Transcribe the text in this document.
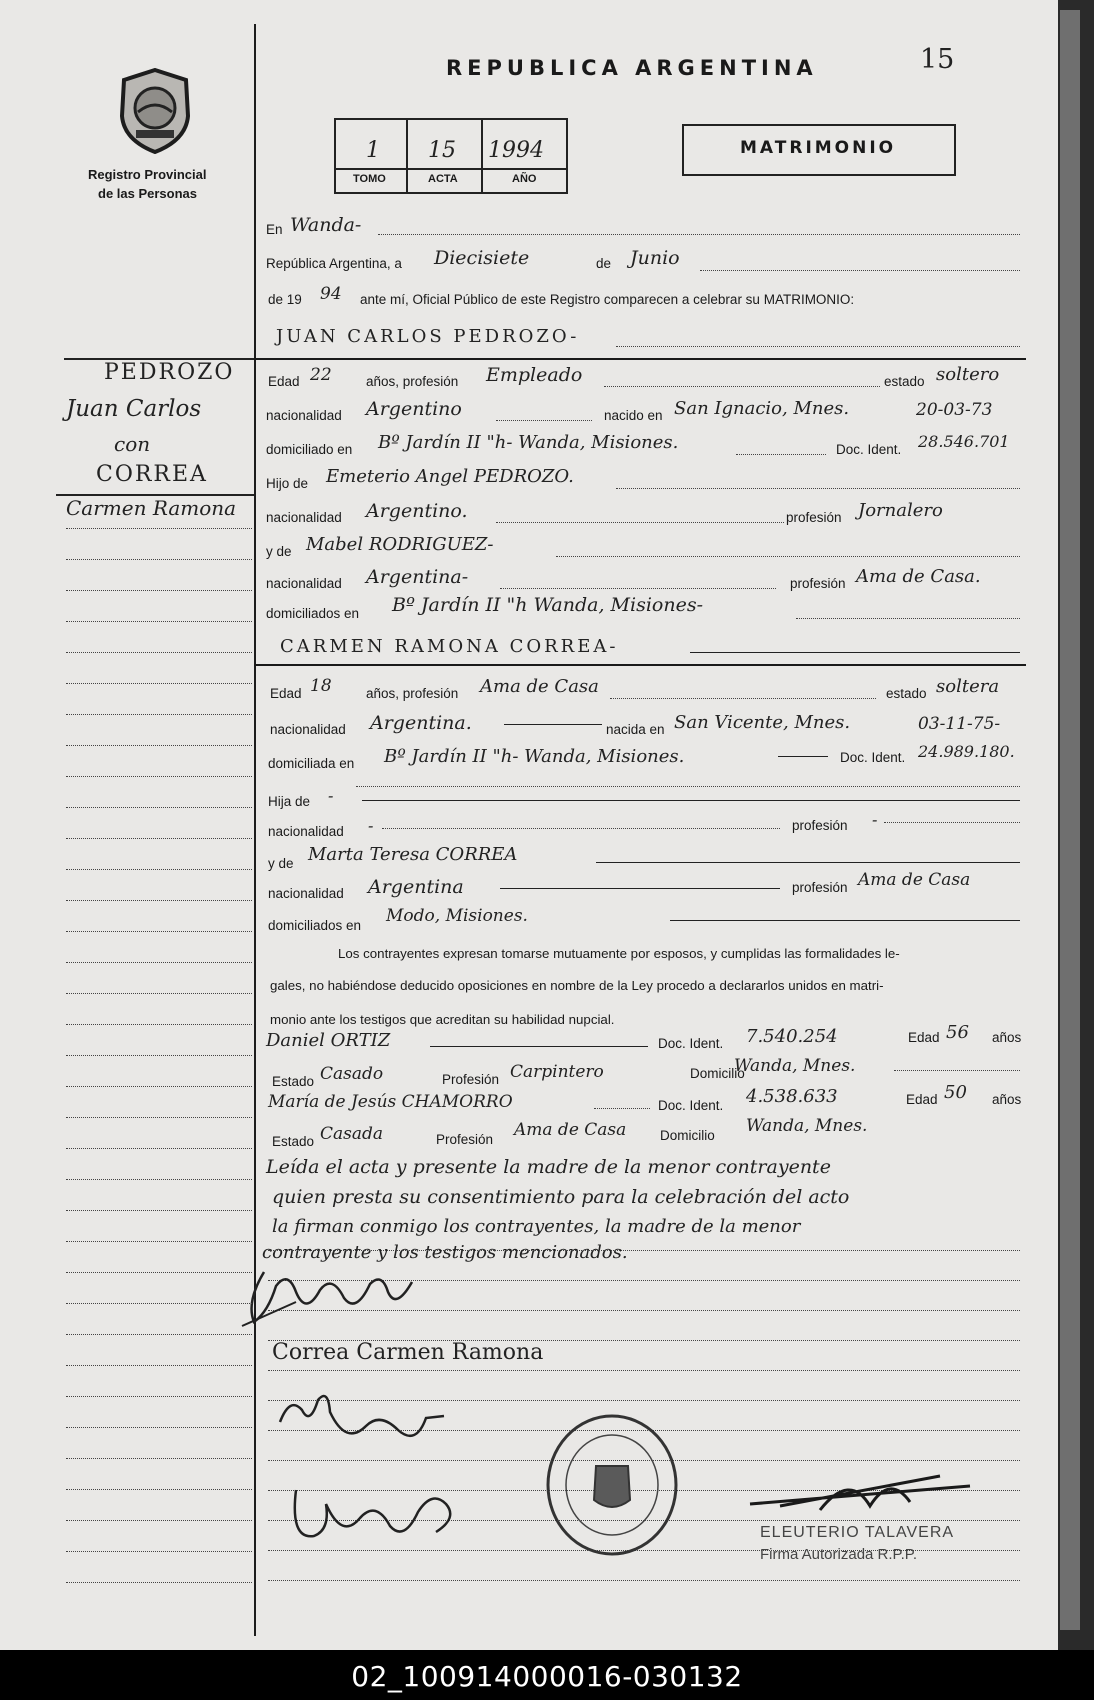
Registro Provincial
de las Personas
REPUBLICA ARGENTINA	15
1 15 1994
TOMO	ACTA	AÑO
MATRIMONIO
En Wanda-
República Argentina, a Diecisiete	de Junio
de 19 94 ante mí, Oficial Público de este Registro comparecen a celebrar su MATRIMONIO:
JUAN CARLOS PEDROZO-
Edad 22	años, profesión Empleado	estado soltero
nacionalidad Argentino	nacido en San Ignacio, Mnes.	20-03-73
domiciliado en Bº Jardín II "h- Wanda, Misiones.	Doc. Ident. 28.546.701
Hijo de Emeterio Angel PEDROZO.
nacionalidad Argentino.	profesión Jornalero
y de Mabel RODRIGUEZ-
nacionalidad Argentina-	profesión Ama de Casa.
domiciliados en Bº Jardín II "h Wanda, Misiones-
CARMEN RAMONA CORREA-
Edad 18	años, profesión Ama de Casa	estado soltera
nacionalidad Argentina.	nacida en San Vicente, Mnes.	03-11-75-
domiciliada en Bº Jardín II "h- Wanda, Misiones.	Doc. Ident. 24.989.180.
Hija de -
nacionalidad -	profesión -
y de Marta Teresa CORREA
nacionalidad Argentina	profesión Ama de Casa
domiciliados en Modo, Misiones.
Los contrayentes expresan tomarse mutuamente por esposos, y cumplidas las formalidades le-
gales, no habiéndose deducido oposiciones en nombre de la Ley procedo a declararlos unidos en matri-
monio ante los testigos que acreditan su habilidad nupcial.
Daniel ORTIZ	Doc. Ident. 7.540.254	Edad 56 años
Estado Casado	Profesión Carpintero	Domicilio
Wanda, Mnes.
María de Jesús CHAMORRO	Doc. Ident. 4.538.633	Edad 50 años
Estado Casada	Profesión Ama de Casa Domicilio Wanda, Mnes.
Leída el acta y presente la madre de la menor contrayente
quien presta su consentimiento para la celebración del acto
la firman conmigo los contrayentes, la madre de la menor
contrayente y los testigos mencionados.
Correa Carmen Ramona
ELEUTERIO TALAVERA
Firma Autorizada R.P.P.
PEDROZO
Juan Carlos
con
CORREA
Carmen Ramona
02_100914000016-030132
